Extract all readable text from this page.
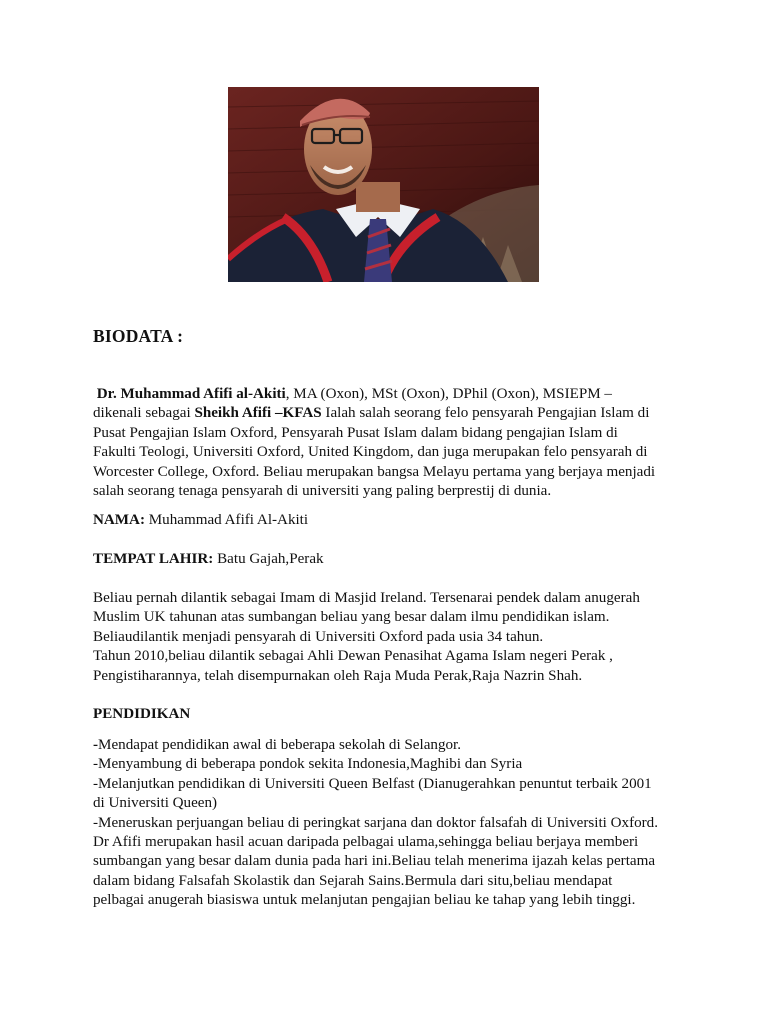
BIODATA :
Dr. Muhammad Afifi al-Akiti, MA (Oxon), MSt (Oxon), DPhil (Oxon), MSIEPM –
dikenali sebagai Sheikh Afifi –KFAS Ialah salah seorang felo pensyarah Pengajian Islam di
Pusat Pengajian Islam Oxford, Pensyarah Pusat Islam dalam bidang pengajian Islam di
Fakulti Teologi, Universiti Oxford, United Kingdom, dan juga merupakan felo pensyarah di
Worcester College, Oxford. Beliau merupakan bangsa Melayu pertama yang berjaya menjadi
salah seorang tenaga pensyarah di universiti yang paling berprestij di dunia.
NAMA: Muhammad Afifi Al-Akiti
TEMPAT LAHIR: Batu Gajah,Perak
Beliau pernah dilantik sebagai Imam di Masjid Ireland. Tersenarai pendek dalam anugerah
Muslim UK tahunan atas sumbangan beliau yang besar dalam ilmu pendidikan islam.
Beliaudilantik menjadi pensyarah di Universiti Oxford pada usia 34 tahun.
Tahun 2010,beliau dilantik sebagai Ahli Dewan Penasihat Agama Islam negeri Perak ,
Pengistiharannya, telah disempurnakan oleh Raja Muda Perak,Raja Nazrin Shah.
PENDIDIKAN
-Mendapat pendidikan awal di beberapa sekolah di Selangor.
-Menyambung di beberapa pondok sekita Indonesia,Maghibi dan Syria
-Melanjutkan pendidikan di Universiti Queen Belfast (Dianugerahkan penuntut terbaik 2001
di Universiti Queen)
-Meneruskan perjuangan beliau di peringkat sarjana dan doktor falsafah di Universiti Oxford.
Dr Afifi merupakan hasil acuan daripada pelbagai ulama,sehingga beliau berjaya memberi
sumbangan yang besar dalam dunia pada hari ini.Beliau telah menerima ijazah kelas pertama
dalam bidang Falsafah Skolastik dan Sejarah Sains.Bermula dari situ,beliau mendapat
pelbagai anugerah biasiswa untuk melanjutan pengajian beliau ke tahap yang lebih tinggi.
